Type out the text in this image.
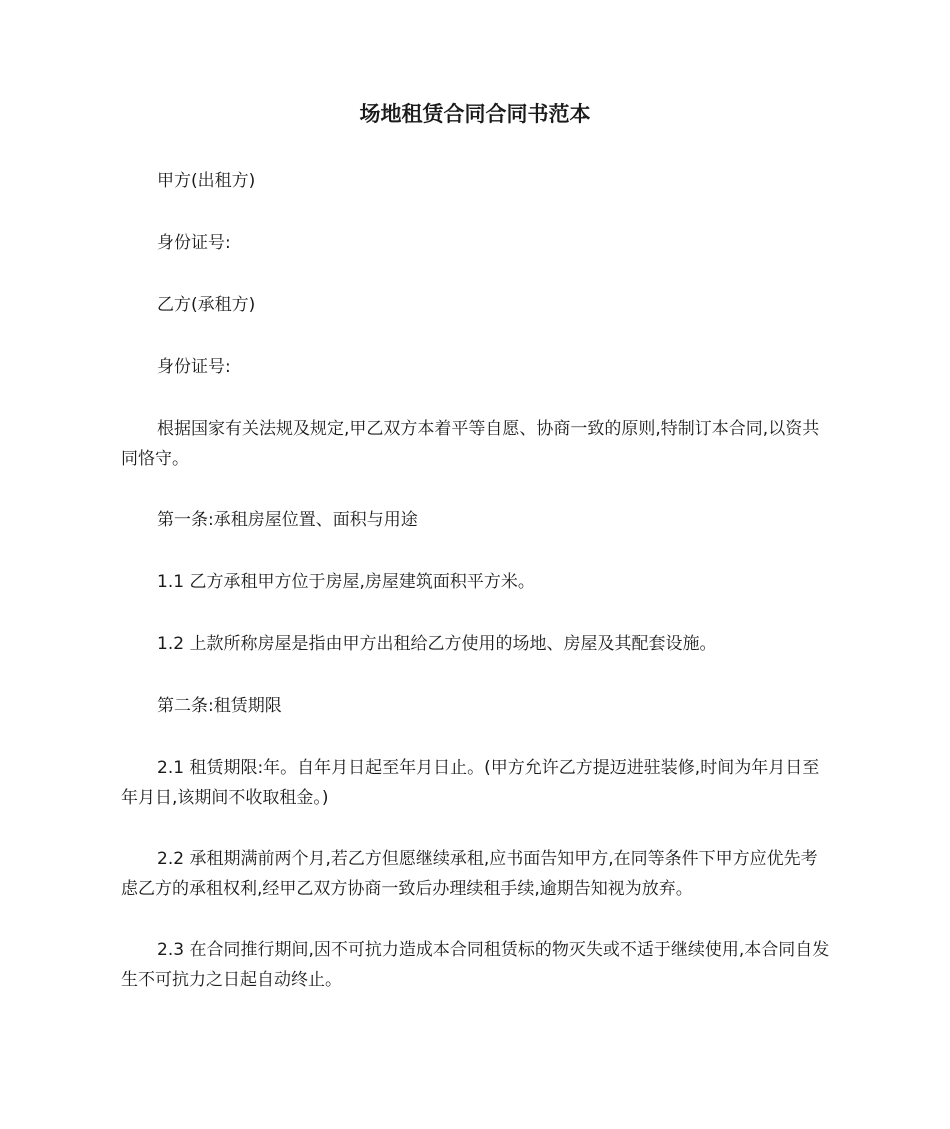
场地租赁合同合同书范本

甲方(出租方)

身份证号:

乙方(承租方)

身份证号:

根据国家有关法规及规定,甲乙双方本着平等自愿、协商一致的原则,特制订本合同,以资共同恪守。

第一条:承租房屋位置、面积与用途

1.1 乙方承租甲方位于房屋,房屋建筑面积平方米。

1.2 上款所称房屋是指由甲方出租给乙方使用的场地、房屋及其配套设施。

第二条:租赁期限

2.1 租赁期限:年。自年月日起至年月日止。(甲方允许乙方提迈进驻装修,时间为年月日至年月日,该期间不收取租金。)

2.2 承租期满前两个月,若乙方但愿继续承租,应书面告知甲方,在同等条件下甲方应优先考虑乙方的承租权利,经甲乙双方协商一致后办理续租手续,逾期告知视为放弃。

2.3 在合同推行期间,因不可抗力造成本合同租赁标的物灭失或不适于继续使用,本合同自发生不可抗力之日起自动终止。
